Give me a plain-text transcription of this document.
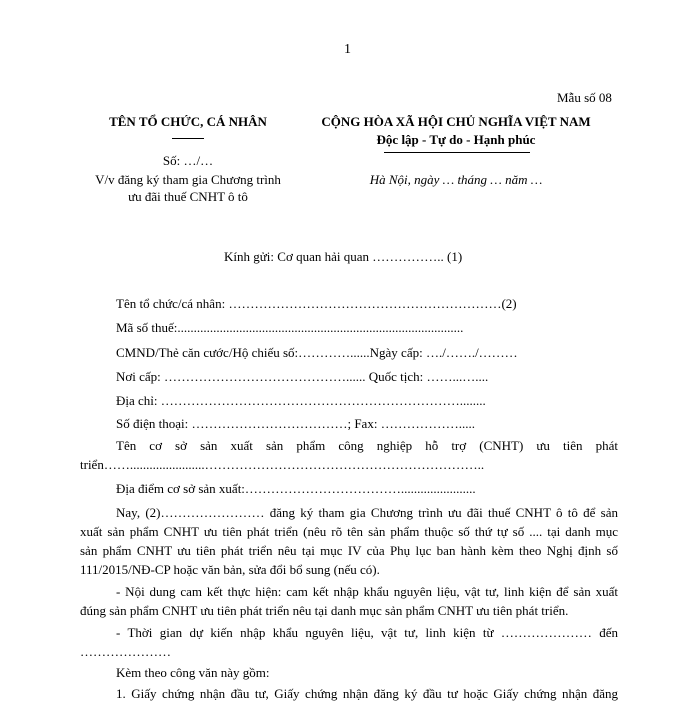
1
Mẫu số 08
TÊN TỔ CHỨC, CÁ NHÂN
Số: …/…
V/v đăng ký tham gia Chương trình
ưu đãi thuế CNHT ô tô
CỘNG HÒA XÃ HỘI CHỦ NGHĨA VIỆT NAM
Độc lập - Tự do - Hạnh phúc
Hà Nội, ngày … tháng … năm …
Kính gửi: Cơ quan hải quan …………….. (1)
Tên tổ chức/cá nhân: ………………………………………………………(2)
Mã số thuế:........................................................................................
CMND/Thẻ căn cước/Hộ chiếu số:…………......Ngày cấp: …./……./………
Nơi cấp: ……………………………………...... Quốc tịch: ……...…....
Địa chỉ: ……………………………………………………………........
Số điện thoại: ………………………………; Fax: ……………….....
Tên cơ sở sản xuất sản phẩm công nghiệp hỗ trợ (CNHT) ưu tiên phát
triển…….......................………………………………………………………..
Địa điểm cơ sở sản xuất:……………………………….......................
Nay, (2)…………………… đăng ký tham gia Chương trình ưu đãi thuế CNHT ô tô để sản
xuất sản phẩm CNHT ưu tiên phát triển (nêu rõ tên sản phẩm thuộc số thứ tự số .... tại danh mục
sản phẩm CNHT ưu tiên phát triển nêu tại mục IV của Phụ lục ban hành kèm theo Nghị định số
111/2015/NĐ-CP hoặc văn bản, sửa đổi bổ sung (nếu có).
- Nội dung cam kết thực hiện: cam kết nhập khẩu nguyên liệu, vật tư, linh kiện để sản xuất
đúng sản phẩm CNHT ưu tiên phát triển nêu tại danh mục sản phẩm CNHT ưu tiên phát triển.
- Thời gian dự kiến nhập khẩu nguyên liệu, vật tư, linh kiện từ ………………… đến
…………………
Kèm theo công văn này gồm:
1. Giấy chứng nhận đầu tư, Giấy chứng nhận đăng ký đầu tư hoặc Giấy chứng nhận đăng
